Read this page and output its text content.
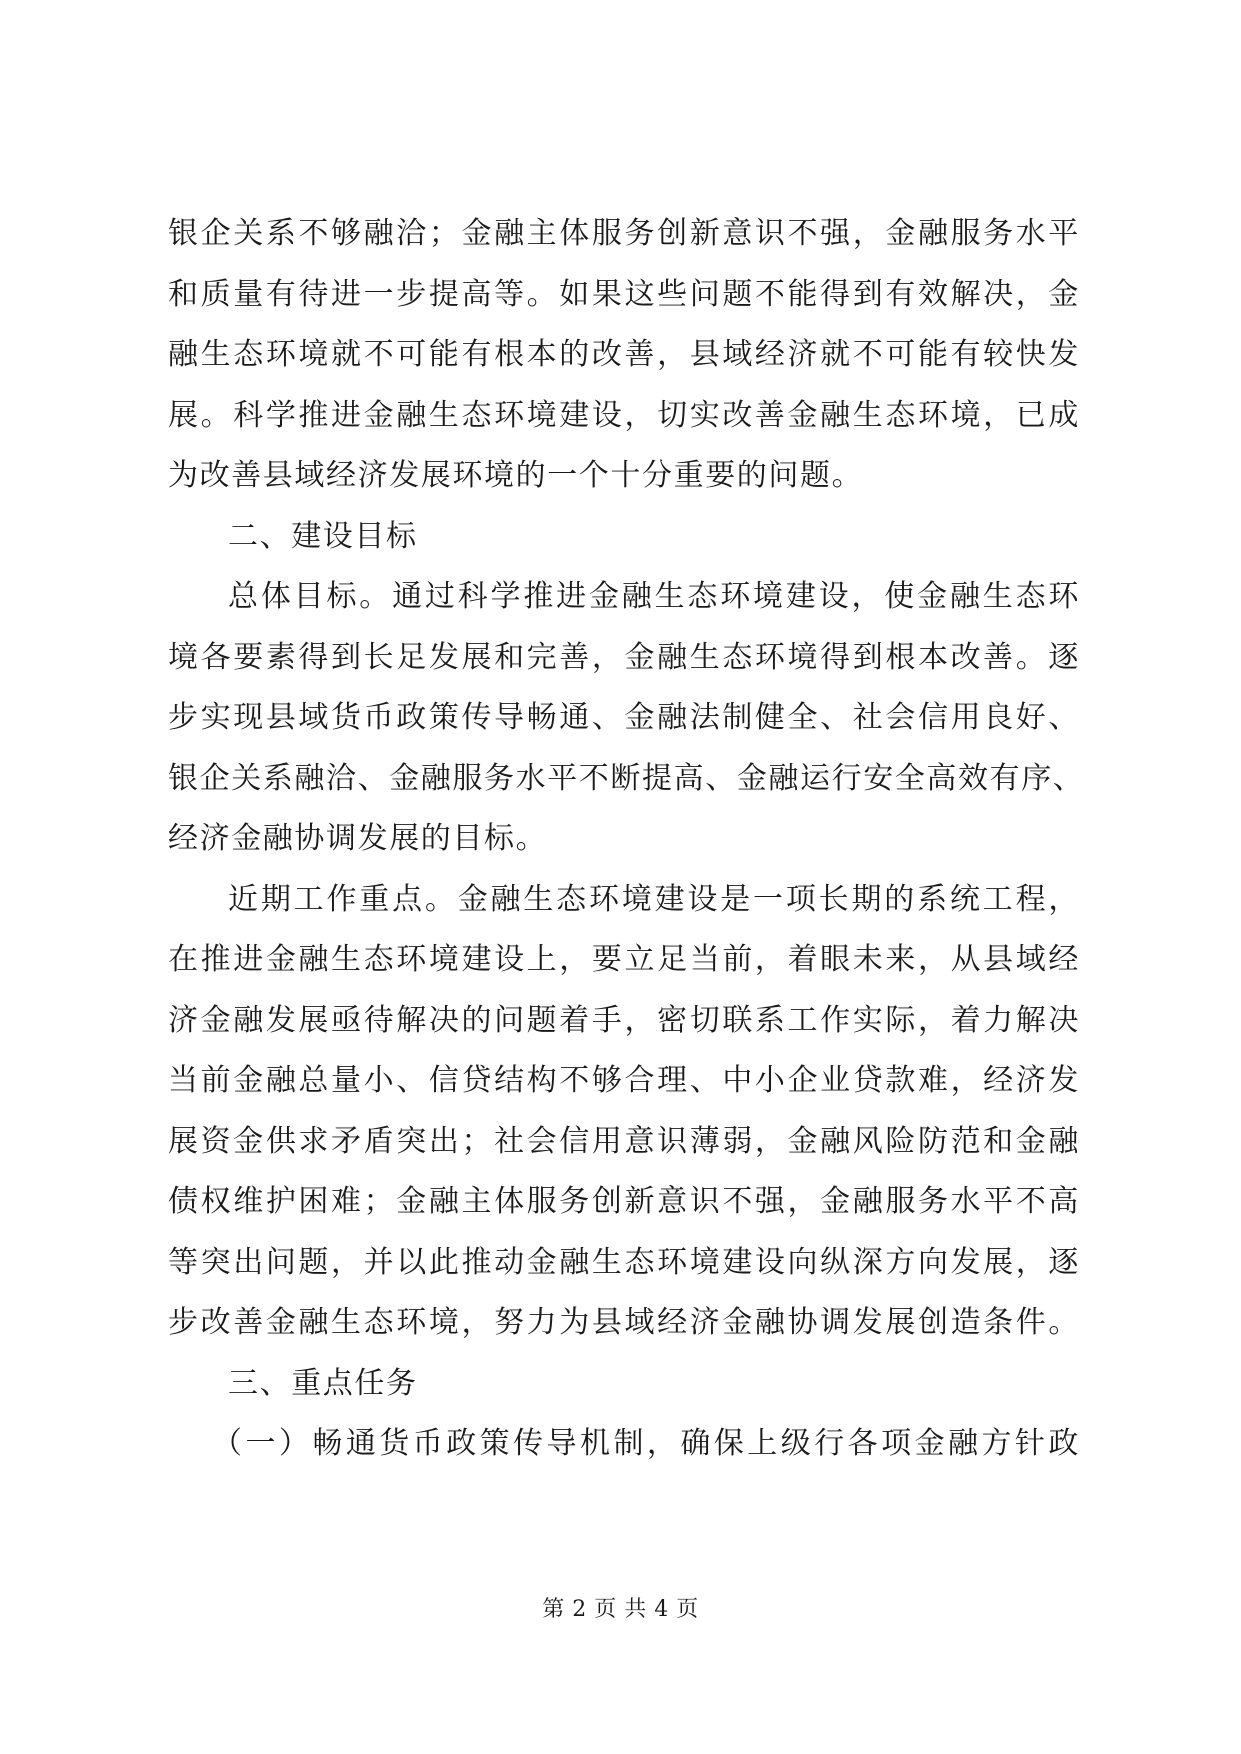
银企关系不够融洽；金融主体服务创新意识不强，金融服务水平
和质量有待进一步提高等。如果这些问题不能得到有效解决，金
融生态环境就不可能有根本的改善，县域经济就不可能有较快发
展。科学推进金融生态环境建设，切实改善金融生态环境，已成
为改善县域经济发展环境的一个十分重要的问题。
二、建设目标
总体目标。通过科学推进金融生态环境建设，使金融生态环
境各要素得到长足发展和完善，金融生态环境得到根本改善。逐
步实现县域货币政策传导畅通、金融法制健全、社会信用良好、
银企关系融洽、金融服务水平不断提高、金融运行安全高效有序、
经济金融协调发展的目标。
近期工作重点。金融生态环境建设是一项长期的系统工程，
在推进金融生态环境建设上，要立足当前，着眼未来，从县域经
济金融发展亟待解决的问题着手，密切联系工作实际，着力解决
当前金融总量小、信贷结构不够合理、中小企业贷款难，经济发
展资金供求矛盾突出；社会信用意识薄弱，金融风险防范和金融
债权维护困难；金融主体服务创新意识不强，金融服务水平不高
等突出问题，并以此推动金融生态环境建设向纵深方向发展，逐
步改善金融生态环境，努力为县域经济金融协调发展创造条件。
三、重点任务
（一）畅通货币政策传导机制，确保上级行各项金融方针政
第 2 页 共 4 页
